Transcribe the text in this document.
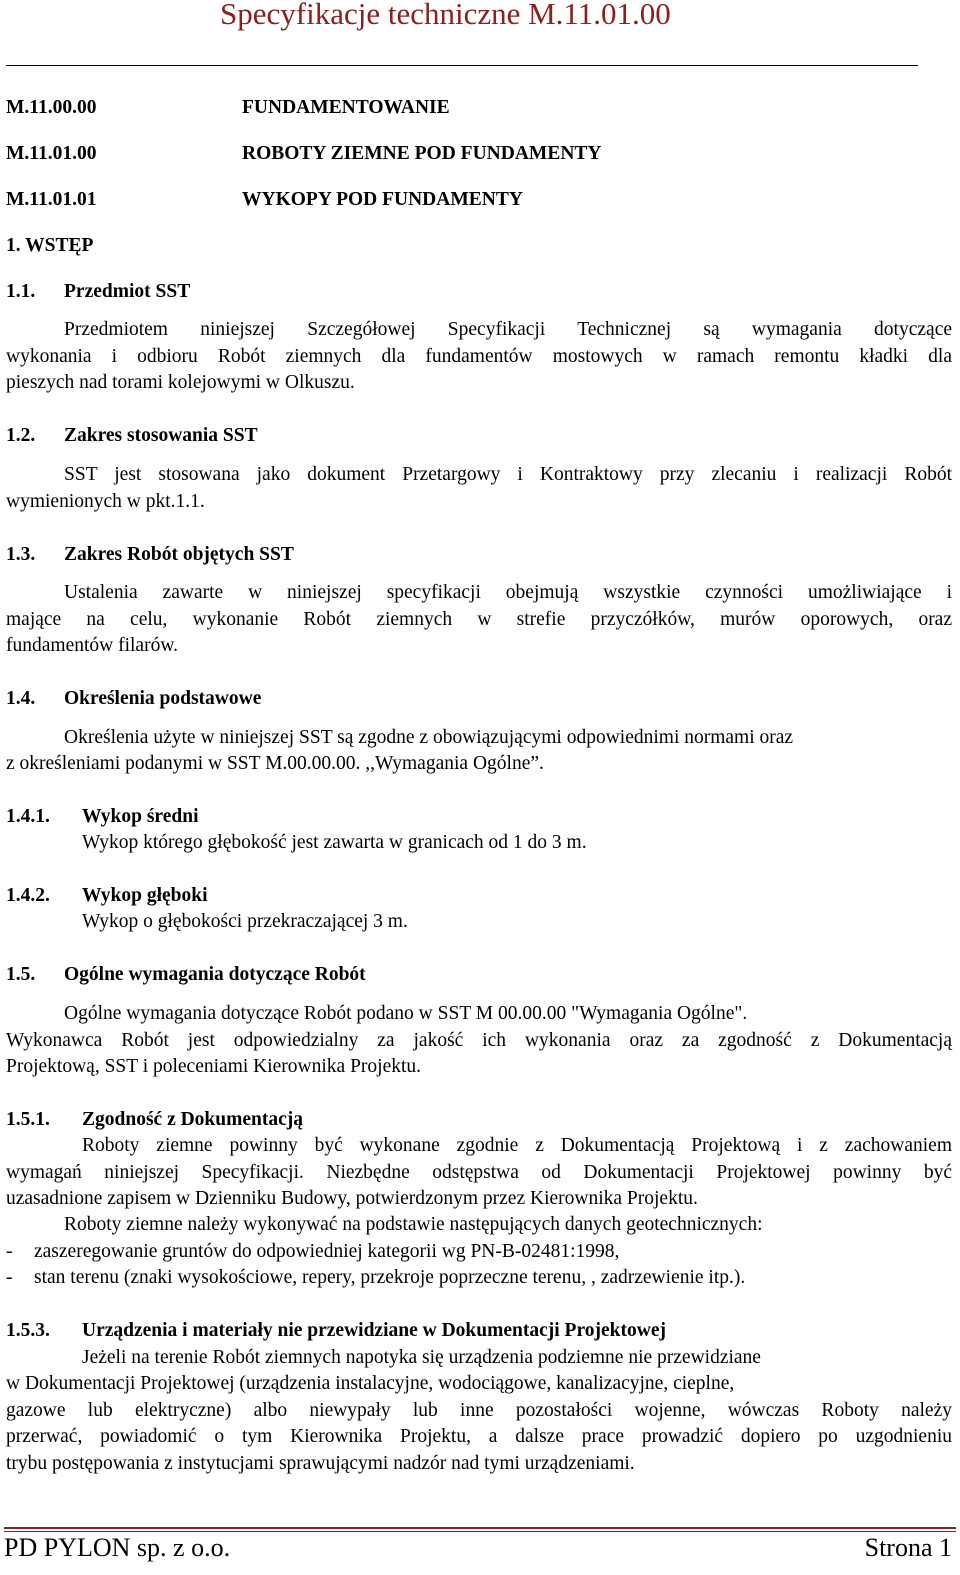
Specyfikacje techniczne M.11.01.00
M.11.00.00	FUNDAMENTOWANIE
M.11.01.00	ROBOTY ZIEMNE POD FUNDAMENTY
M.11.01.01	WYKOPY POD FUNDAMENTY
1. WSTĘP
1.1. Przedmiot SST
Przedmiotem niniejszej Szczegółowej Specyfikacji Technicznej są wymagania dotyczące
wykonania i odbioru Robót ziemnych dla fundamentów mostowych w ramach remontu kładki dla
pieszych nad torami kolejowymi w Olkuszu.
1.2. Zakres stosowania SST
SST jest stosowana jako dokument Przetargowy i Kontraktowy przy zlecaniu i realizacji Robót
wymienionych w pkt.1.1.
1.3. Zakres Robót objętych SST
Ustalenia zawarte w niniejszej specyfikacji obejmują wszystkie czynności umożliwiające i
mające na celu, wykonanie Robót ziemnych w strefie przyczółków, murów oporowych, oraz
fundamentów filarów.
1.4. Określenia podstawowe
Określenia użyte w niniejszej SST są zgodne z obowiązującymi odpowiednimi normami oraz
z określeniami podanymi w SST M.00.00.00. ,,Wymagania Ogólne”.
1.4.1. Wykop średni
Wykop którego głębokość jest zawarta w granicach od 1 do 3 m.
1.4.2. Wykop głęboki
Wykop o głębokości przekraczającej 3 m.
1.5. Ogólne wymagania dotyczące Robót
Ogólne wymagania dotyczące Robót podano w SST M 00.00.00 "Wymagania Ogólne".
Wykonawca Robót jest odpowiedzialny za jakość ich wykonania oraz za zgodność z Dokumentacją
Projektową, SST i poleceniami Kierownika Projektu.
1.5.1. Zgodność z Dokumentacją
Roboty ziemne powinny być wykonane zgodnie z Dokumentacją Projektową i z zachowaniem
wymagań niniejszej Specyfikacji. Niezbędne odstępstwa od Dokumentacji Projektowej powinny być
uzasadnione zapisem w Dzienniku Budowy, potwierdzonym przez Kierownika Projektu.
Roboty ziemne należy wykonywać na podstawie następujących danych geotechnicznych:
- zaszeregowanie gruntów do odpowiedniej kategorii wg PN-B-02481:1998,
- stan terenu (znaki wysokościowe, repery, przekroje poprzeczne terenu, , zadrzewienie itp.).
1.5.3. Urządzenia i materiały nie przewidziane w Dokumentacji Projektowej
Jeżeli na terenie Robót ziemnych napotyka się urządzenia podziemne nie przewidziane
w Dokumentacji Projektowej (urządzenia instalacyjne, wodociągowe, kanalizacyjne, cieplne,
gazowe lub elektryczne) albo niewypały lub inne pozostałości wojenne, wówczas Roboty należy
przerwać, powiadomić o tym Kierownika Projektu, a dalsze prace prowadzić dopiero po uzgodnieniu
trybu postępowania z instytucjami sprawującymi nadzór nad tymi urządzeniami.
PD PYLON sp. z o.o.	Strona 1
